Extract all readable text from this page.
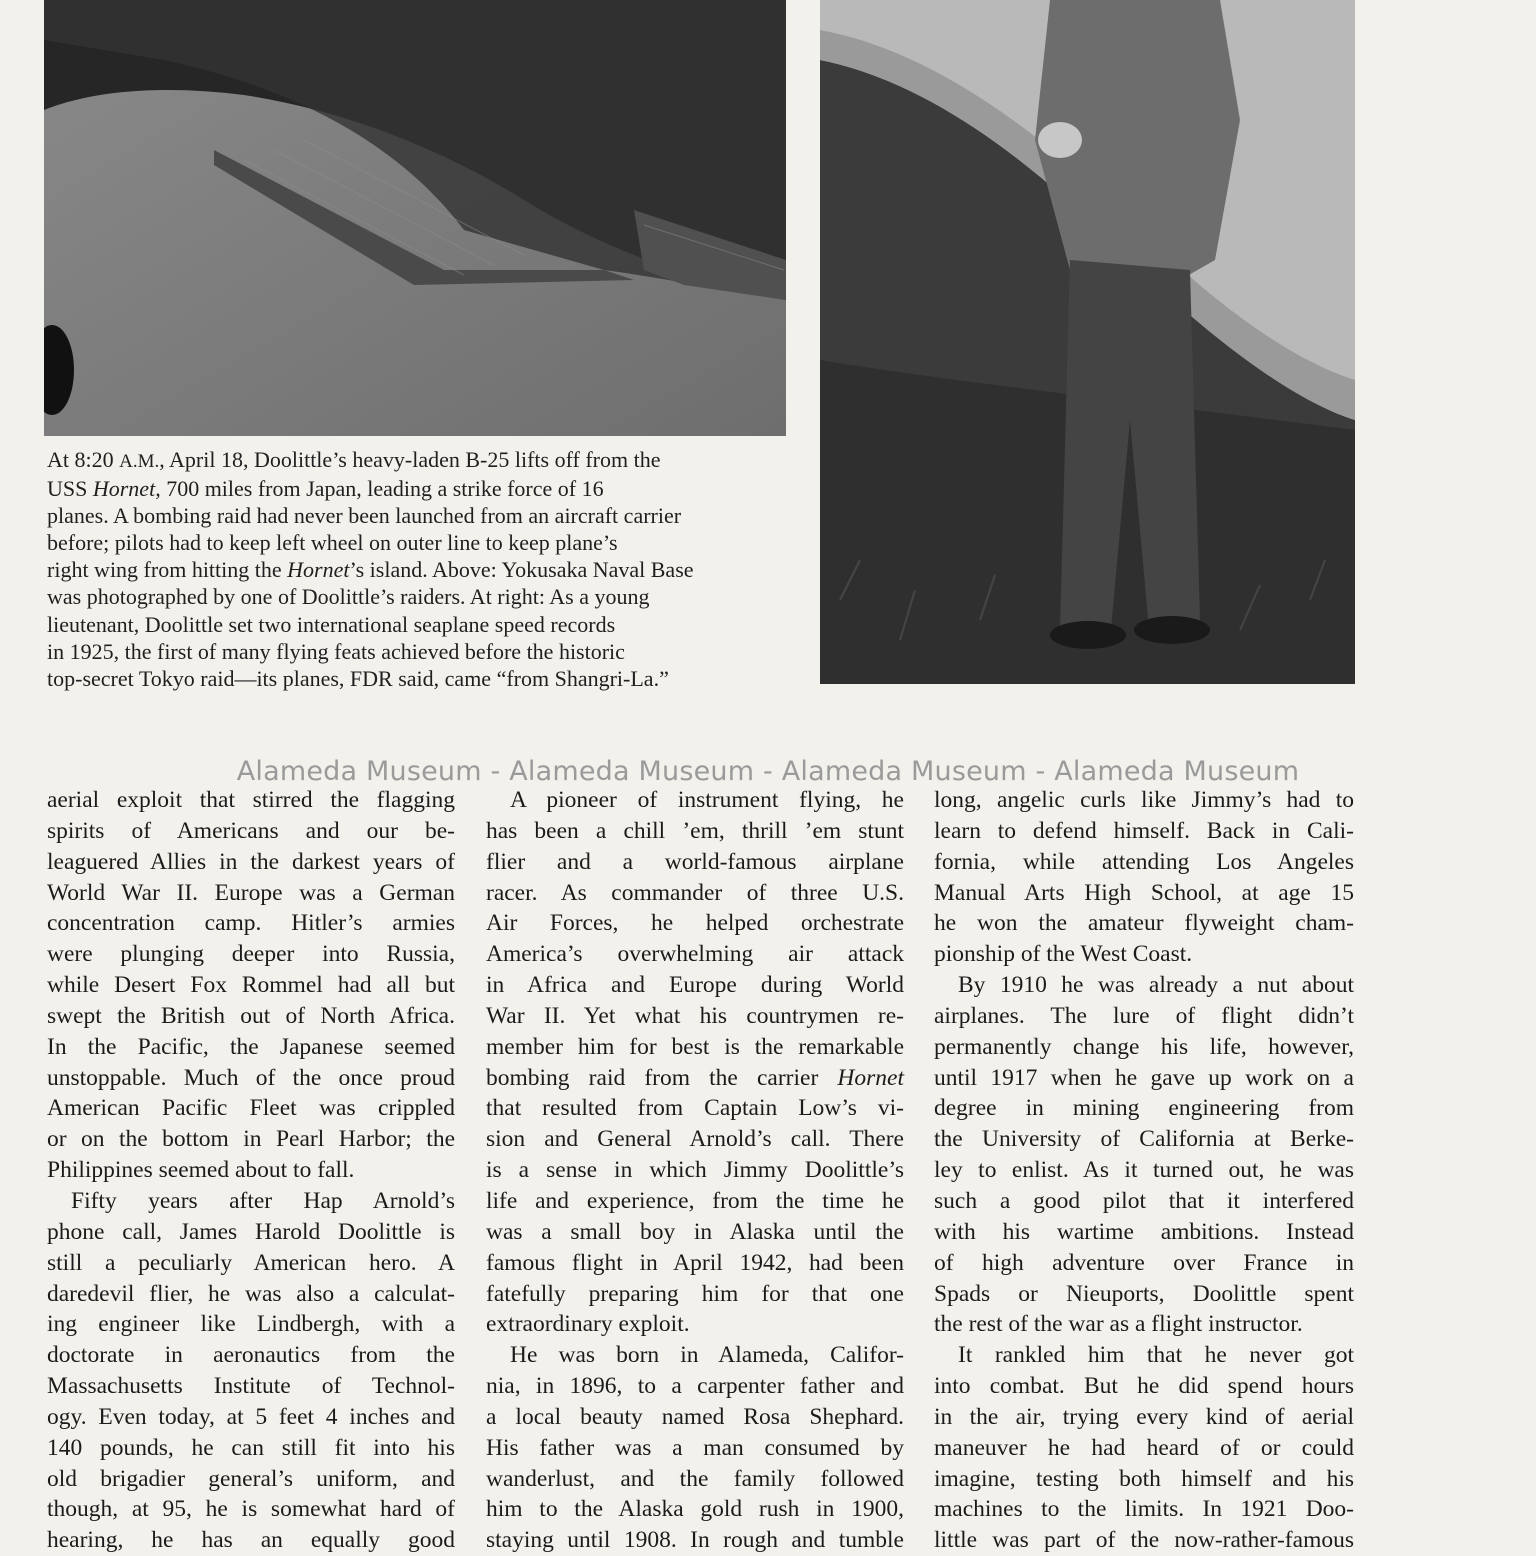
At 8:20 A.M., April 18, Doolittle’s heavy-laden B-25 lifts off from the
USS Hornet, 700 miles from Japan, leading a strike force of 16
planes. A bombing raid had never been launched from an aircraft carrier
before; pilots had to keep left wheel on outer line to keep plane’s
right wing from hitting the Hornet’s island. Above: Yokusaka Naval Base
was photographed by one of Doolittle’s raiders. At right: As a young
lieutenant, Doolittle set two international seaplane speed records
in 1925, the first of many flying feats achieved before the historic
top-secret Tokyo raid—its planes, FDR said, came “from Shangri-La.”
Alameda Museum - Alameda Museum - Alameda Museum - Alameda Museum
aerial exploit that stirred the flagging
spirits of Americans and our be-
leaguered Allies in the darkest years of
World War II. Europe was a German
concentration camp. Hitler’s armies
were plunging deeper into Russia,
while Desert Fox Rommel had all but
swept the British out of North Africa.
In the Pacific, the Japanese seemed
unstoppable. Much of the once proud
American Pacific Fleet was crippled
or on the bottom in Pearl Harbor; the
Philippines seemed about to fall.
Fifty years after Hap Arnold’s
phone call, James Harold Doolittle is
still a peculiarly American hero. A
daredevil flier, he was also a calculat-
ing engineer like Lindbergh, with a
doctorate in aeronautics from the
Massachusetts Institute of Technol-
ogy. Even today, at 5 feet 4 inches and
140 pounds, he can still fit into his
old brigadier general’s uniform, and
though, at 95, he is somewhat hard of
hearing, he has an equally good
A pioneer of instrument flying, he
has been a chill ’em, thrill ’em stunt
flier and a world-famous airplane
racer. As commander of three U.S.
Air Forces, he helped orchestrate
America’s overwhelming air attack
in Africa and Europe during World
War II. Yet what his countrymen re-
member him for best is the remarkable
bombing raid from the carrier Hornet
that resulted from Captain Low’s vi-
sion and General Arnold’s call. There
is a sense in which Jimmy Doolittle’s
life and experience, from the time he
was a small boy in Alaska until the
famous flight in April 1942, had been
fatefully preparing him for that one
extraordinary exploit.
He was born in Alameda, Califor-
nia, in 1896, to a carpenter father and
a local beauty named Rosa Shephard.
His father was a man consumed by
wanderlust, and the family followed
him to the Alaska gold rush in 1900,
staying until 1908. In rough and tumble
long, angelic curls like Jimmy’s had to
learn to defend himself. Back in Cali-
fornia, while attending Los Angeles
Manual Arts High School, at age 15
he won the amateur flyweight cham-
pionship of the West Coast.
By 1910 he was already a nut about
airplanes. The lure of flight didn’t
permanently change his life, however,
until 1917 when he gave up work on a
degree in mining engineering from
the University of California at Berke-
ley to enlist. As it turned out, he was
such a good pilot that it interfered
with his wartime ambitions. Instead
of high adventure over France in
Spads or Nieuports, Doolittle spent
the rest of the war as a flight instructor.
It rankled him that he never got
into combat. But he did spend hours
in the air, trying every kind of aerial
maneuver he had heard of or could
imagine, testing both himself and his
machines to the limits. In 1921 Doo-
little was part of the now-rather-famous
